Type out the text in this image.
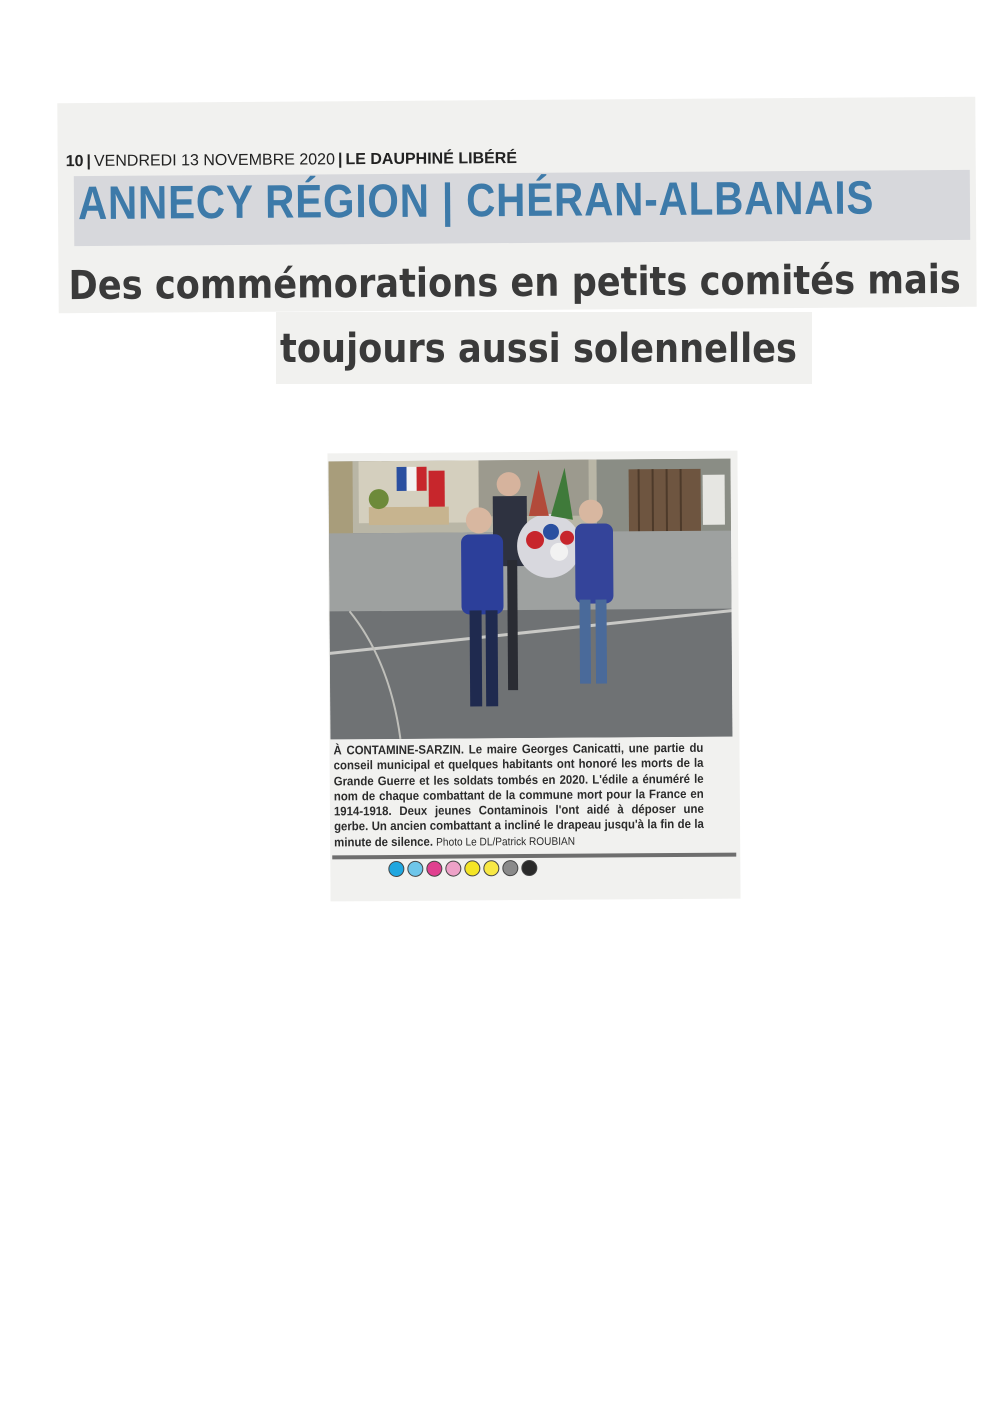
10 | VENDREDI 13 NOVEMBRE 2020 | LE DAUPHINÉ LIBÉRÉ
ANNECY RÉGION | CHÉRAN-ALBANAIS
Des commémorations en petits comités mais
toujours aussi solennelles
À CONTAMINE-SARZIN. Le maire Georges Canicatti, une partie du conseil municipal et quelques habitants ont honoré les morts de la Grande Guerre et les soldats tombés en 2020. L'édile a énuméré le nom de chaque combattant de la commune mort pour la France en 1914-1918. Deux jeunes Contaminois l'ont aidé à déposer une gerbe. Un ancien combattant a incliné le drapeau jusqu'à la fin de la minute de silence. Photo Le DL/Patrick ROUBIAN
